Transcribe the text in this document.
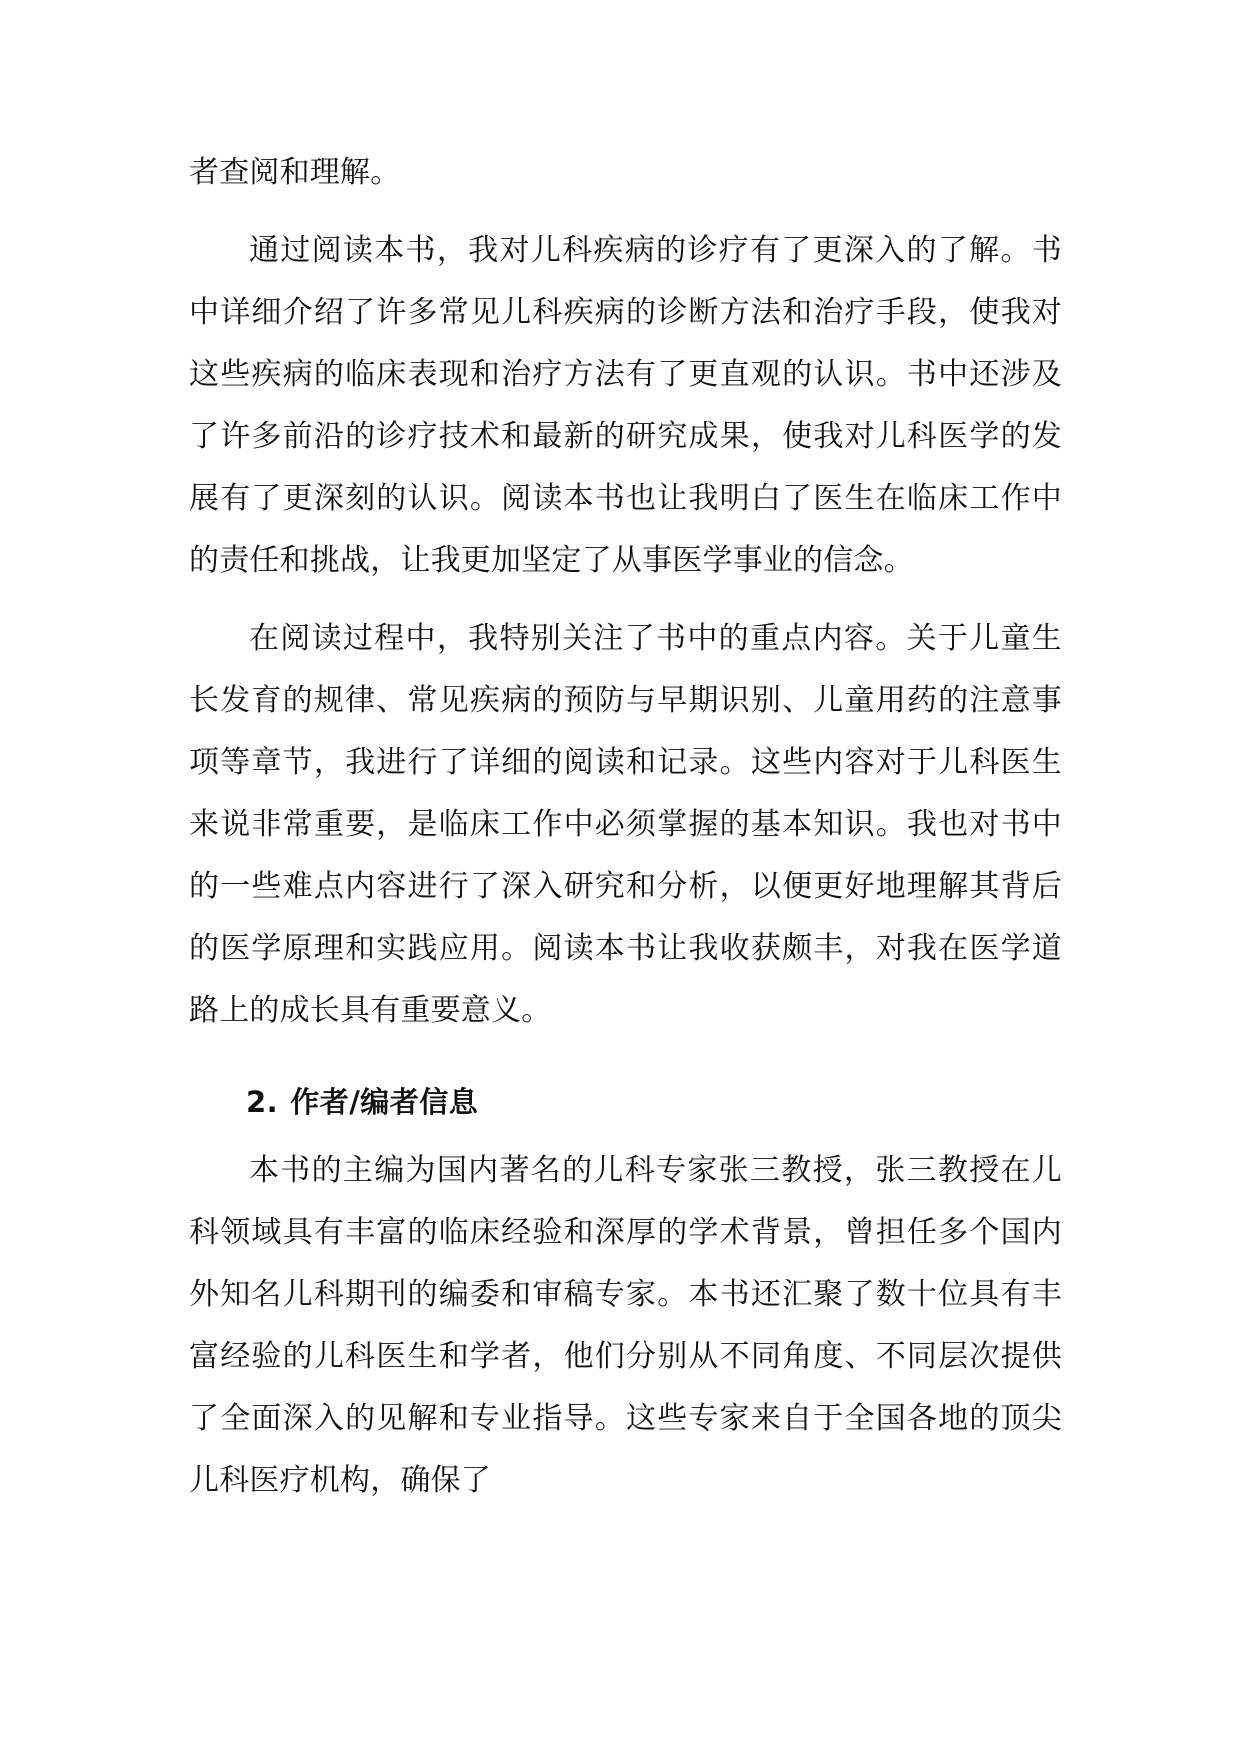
者查阅和理解。

通过阅读本书，我对儿科疾病的诊疗有了更深入的了解。书中详细介绍了许多常见儿科疾病的诊断方法和治疗手段，使我对这些疾病的临床表现和治疗方法有了更直观的认识。书中还涉及了许多前沿的诊疗技术和最新的研究成果，使我对儿科医学的发展有了更深刻的认识。阅读本书也让我明白了医生在临床工作中的责任和挑战，让我更加坚定了从事医学事业的信念。

在阅读过程中，我特别关注了书中的重点内容。关于儿童生长发育的规律、常见疾病的预防与早期识别、儿童用药的注意事项等章节，我进行了详细的阅读和记录。这些内容对于儿科医生来说非常重要，是临床工作中必须掌握的基本知识。我也对书中的一些难点内容进行了深入研究和分析，以便更好地理解其背后的医学原理和实践应用。阅读本书让我收获颇丰，对我在医学道路上的成长具有重要意义。

2. 作者/编者信息

本书的主编为国内著名的儿科专家张三教授，张三教授在儿科领域具有丰富的临床经验和深厚的学术背景，曾担任多个国内外知名儿科期刊的编委和审稿专家。本书还汇聚了数十位具有丰富经验的儿科医生和学者，他们分别从不同角度、不同层次提供了全面深入的见解和专业指导。这些专家来自于全国各地的顶尖儿科医疗机构，确保了
